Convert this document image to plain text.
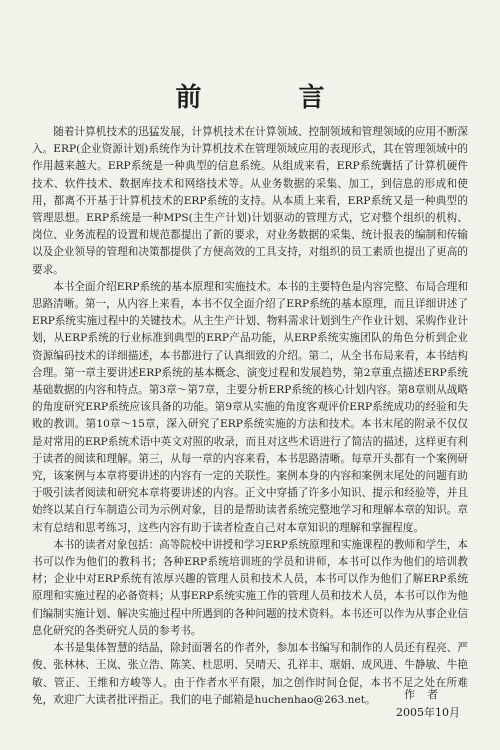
前 言

随着计算机技术的迅猛发展，计算机技术在计算领域、控制领域和管理领域的应用不断深入。ERP(企业资源计划)系统作为计算机技术在管理领域应用的表现形式，其在管理领域中的作用越来越大。ERP系统是一种典型的信息系统。从组成来看，ERP系统囊括了计算机硬件技术、软件技术、数据库技术和网络技术等。从业务数据的采集、加工，到信息的形成和使用，都离不开基于计算机技术的ERP系统的支持。从本质上来看，ERP系统又是一种典型的管理思想。ERP系统是一种MPS(主生产计划)计划驱动的管理方式，它对整个组织的机构、岗位、业务流程的设置和规范都提出了新的要求，对业务数据的采集、统计报表的编制和传输以及企业领导的管理和决策都提供了方便高效的工具支持，对组织的员工素质也提出了更高的要求。

本书全面介绍ERP系统的基本原理和实施技术。本书的主要特色是内容完整、布局合理和思路清晰。第一，从内容上来看，本书不仅全面介绍了ERP系统的基本原理，而且详细讲述了ERP系统实施过程中的关键技术。从主生产计划、物料需求计划到生产作业计划、采购作业计划，从ERP系统的行业标准到典型的ERP产品功能，从ERP系统实施团队的角色分析到企业资源编码技术的详细描述，本书都进行了认真细致的介绍。第二，从全书布局来看，本书结构合理。第一章主要讲述ERP系统的基本概念、演变过程和发展趋势，第2章重点描述ERP系统基础数据的内容和特点。第3章～第7章，主要分析ERP系统的核心计划内容。第8章则从战略的角度研究ERP系统应该具备的功能。第9章从实施的角度客观评价ERP系统成功的经验和失败的教训。第10章～15章，深入研究了ERP系统实施的方法和技术。本书末尾的附录不仅仅是对常用的ERP系统术语中英文对照的收录，而且对这些术语进行了简洁的描述，这样更有利于读者的阅读和理解。第三，从每一章的内容来看，本书思路清晰。每章开头都有一个案例研究，该案例与本章将要讲述的内容有一定的关联性。案例本身的内容和案例末尾处的问题有助于吸引读者阅读和研究本章将要讲述的内容。正文中穿插了许多小知识、提示和经验等，并且始终以某自行车制造公司为示例对象，目的是帮助读者系统完整地学习和理解本章的知识。章末有总结和思考练习，这些内容有助于读者检查自己对本章知识的理解和掌握程度。

本书的读者对象包括：高等院校中讲授和学习ERP系统原理和实施课程的教师和学生，本书可以作为他们的教科书；各种ERP系统培训班的学员和讲师，本书可以作为他们的培训教材；企业中对ERP系统有浓厚兴趣的管理人员和技术人员，本书可以作为他们了解ERP系统原理和实施过程的必备资料；从事ERP系统实施工作的管理人员和技术人员，本书可以作为他们编制实施计划、解决实施过程中所遇到的各种问题的技术资料。本书还可以作为从事企业信息化研究的各类研究人员的参考书。

本书是集体智慧的结晶，除封面署名的作者外，参加本书编写和制作的人员还有程亮、严俊、张林林、王岚、张立浩、陈笑、杜思明、吴晴天、孔祥丰、琚娟、成风进、牛静敏、牛艳敏、管正、王维和方峻等人。由于作者水平有限，加之创作时间仓促，本书不足之处在所难免，欢迎广大读者批评指正。我们的电子邮箱是huchenhao@263.net。	作者
2005年10月
